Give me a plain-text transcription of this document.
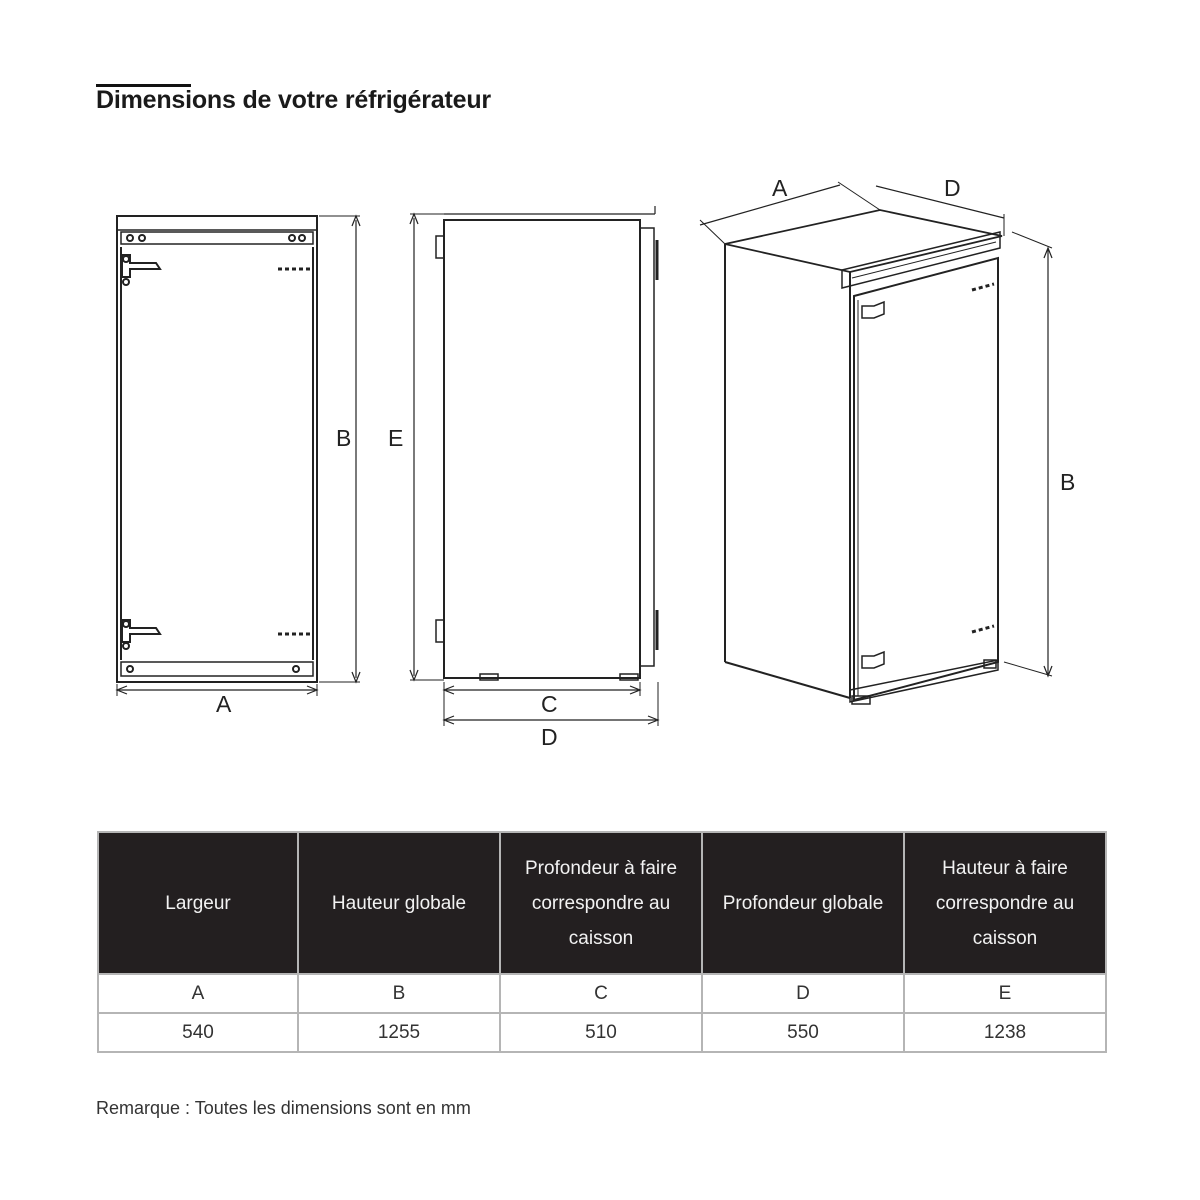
Dimensions de votre réfrigérateur
B
A
E
C
D
A	D
B
Largeur	Hauteur globale	Profondeur à faire correspondre au caisson	Profondeur globale	Hauteur à faire correspondre au caisson
A	B	C	D	E
540	1255	510	550	1238
Remarque : Toutes les dimensions sont en mm
